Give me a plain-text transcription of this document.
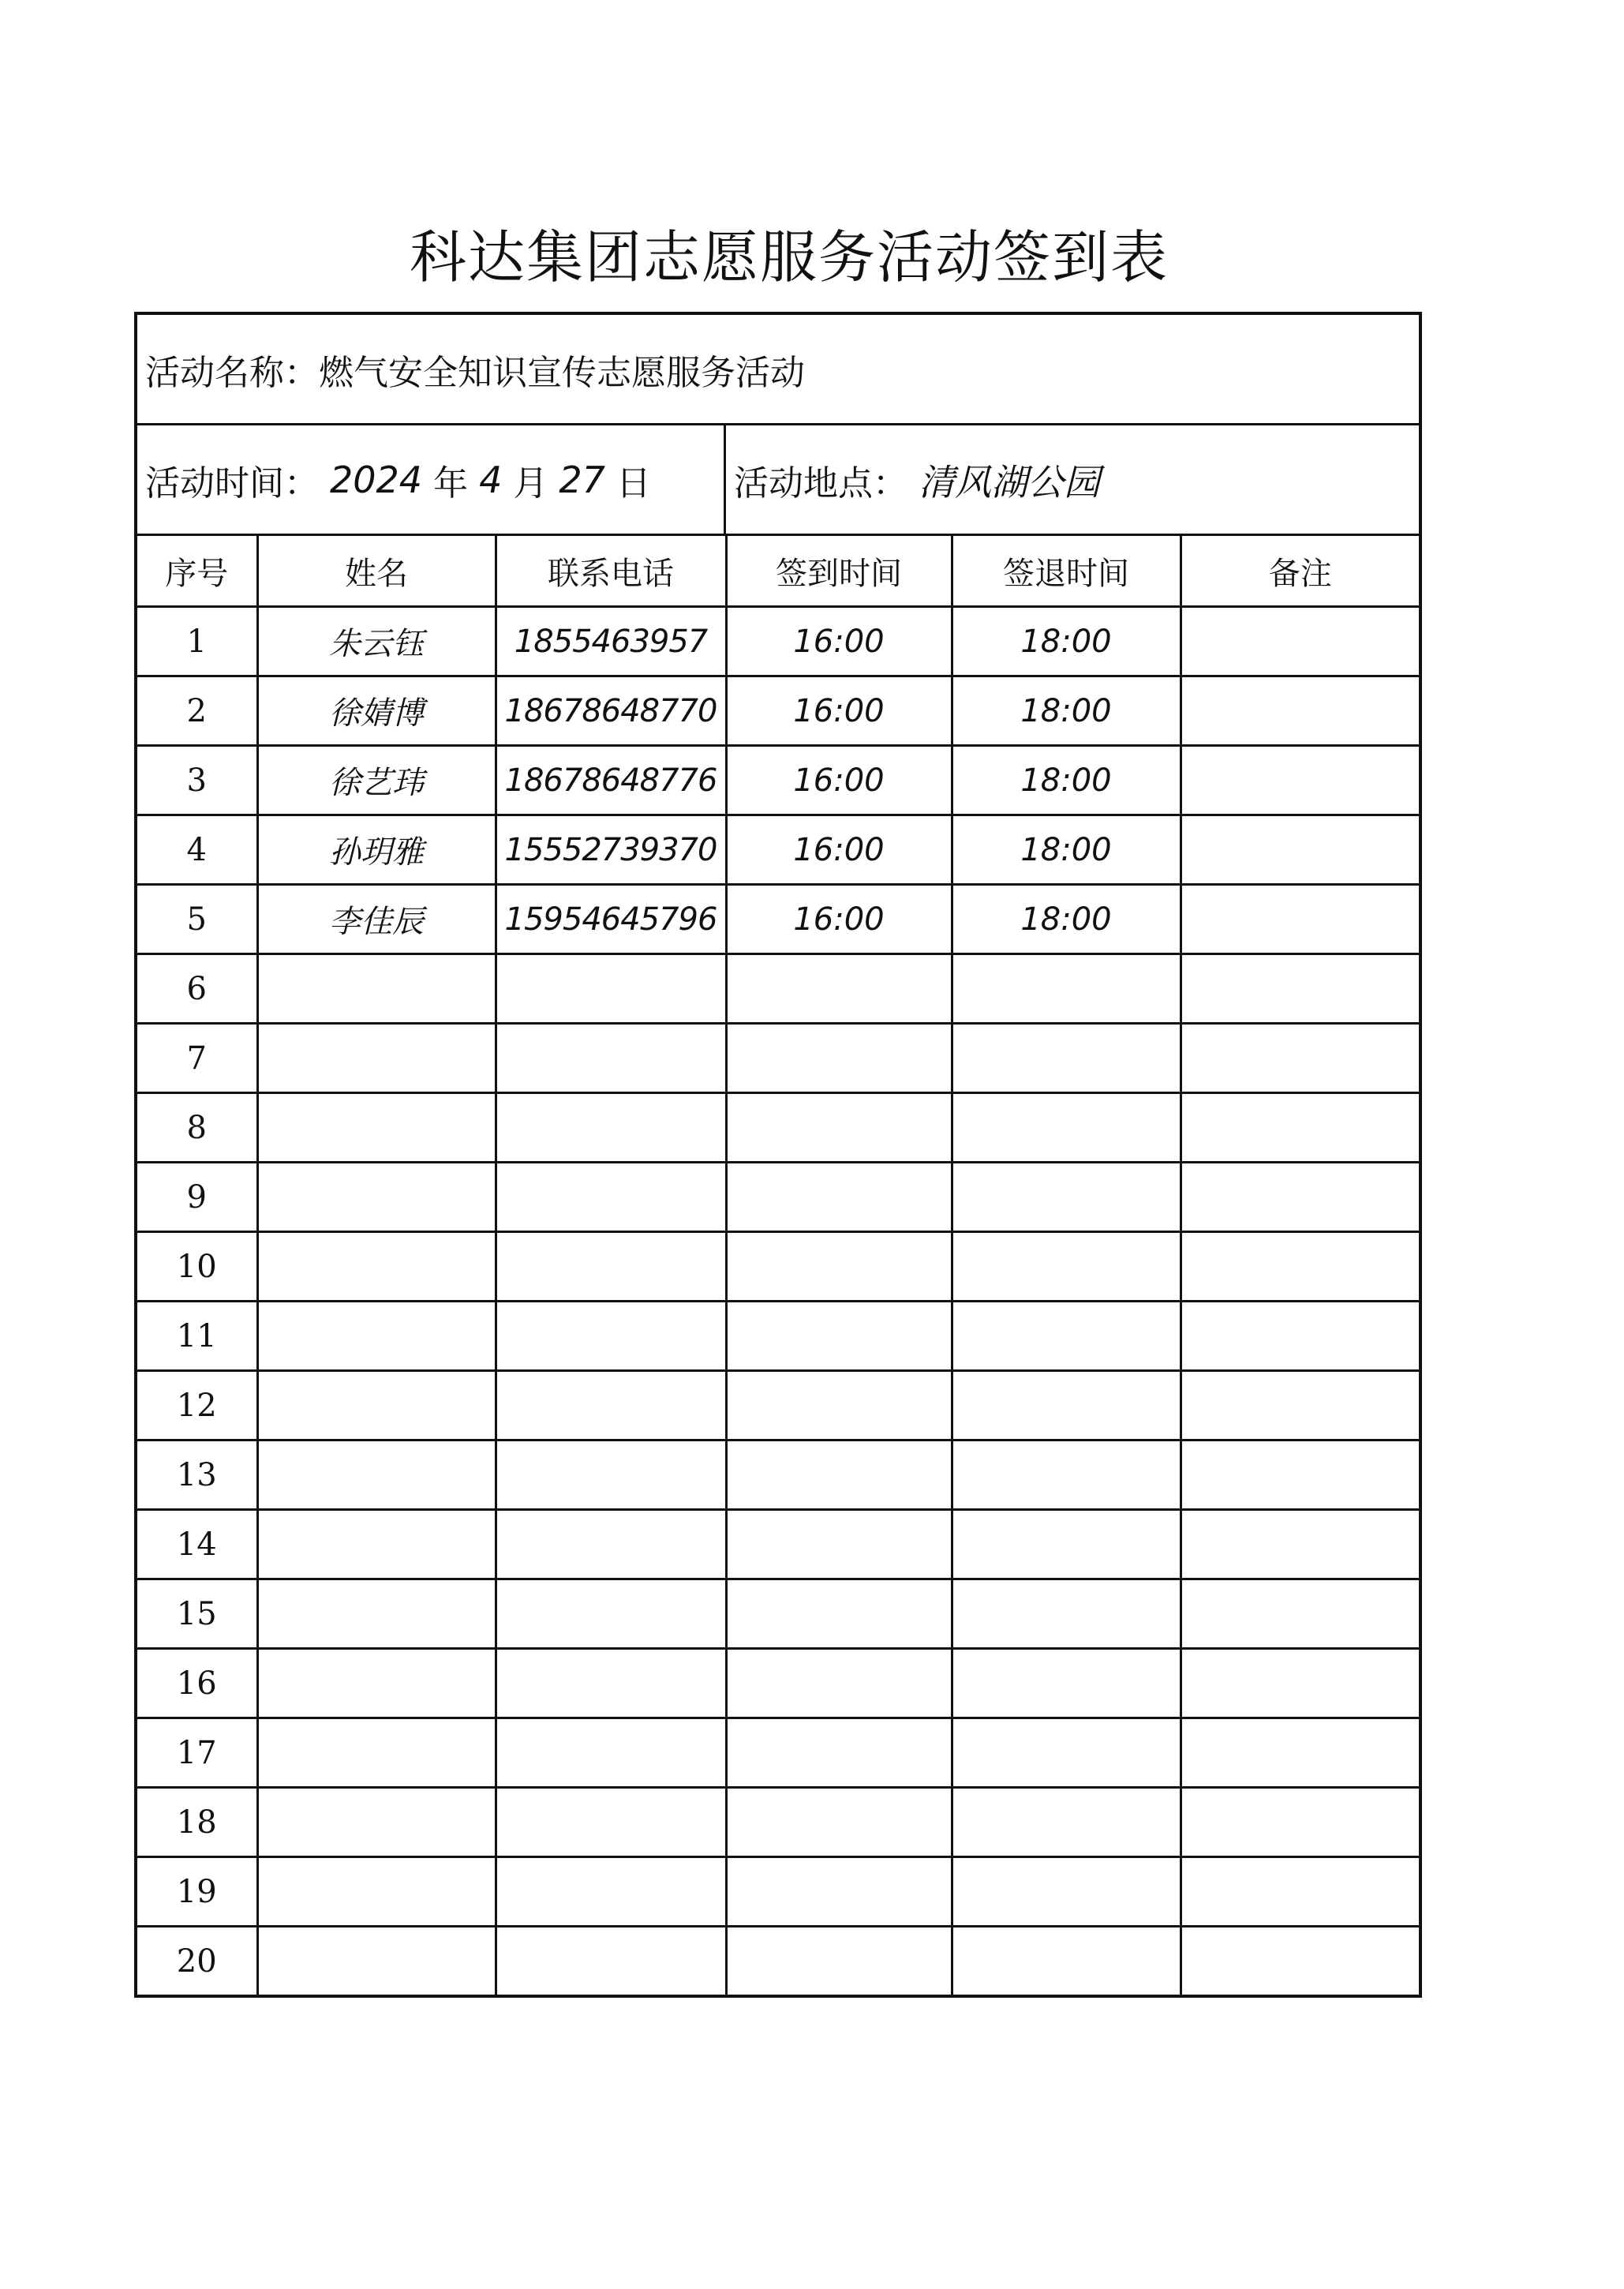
科达集团志愿服务活动签到表
活动名称： 燃气安全知识宣传志愿服务活动
活动时间： 2024 年 4 月 27 日 活动地点： 清风湖公园
序号	姓名	联系电话	签到时间	签退时间	备注
1	朱云钰	1855463957	16:00	18:00	
2	徐婧博	18678648770	16:00	18:00	
3	徐艺玮	18678648776	16:00	18:00	
4	孙玥雅	15552739370	16:00	18:00	
5	李佳辰	15954645796	16:00	18:00	
6					
7					
8					
9					
10					
11					
12					
13					
14					
15					
16					
17					
18					
19					
20					
